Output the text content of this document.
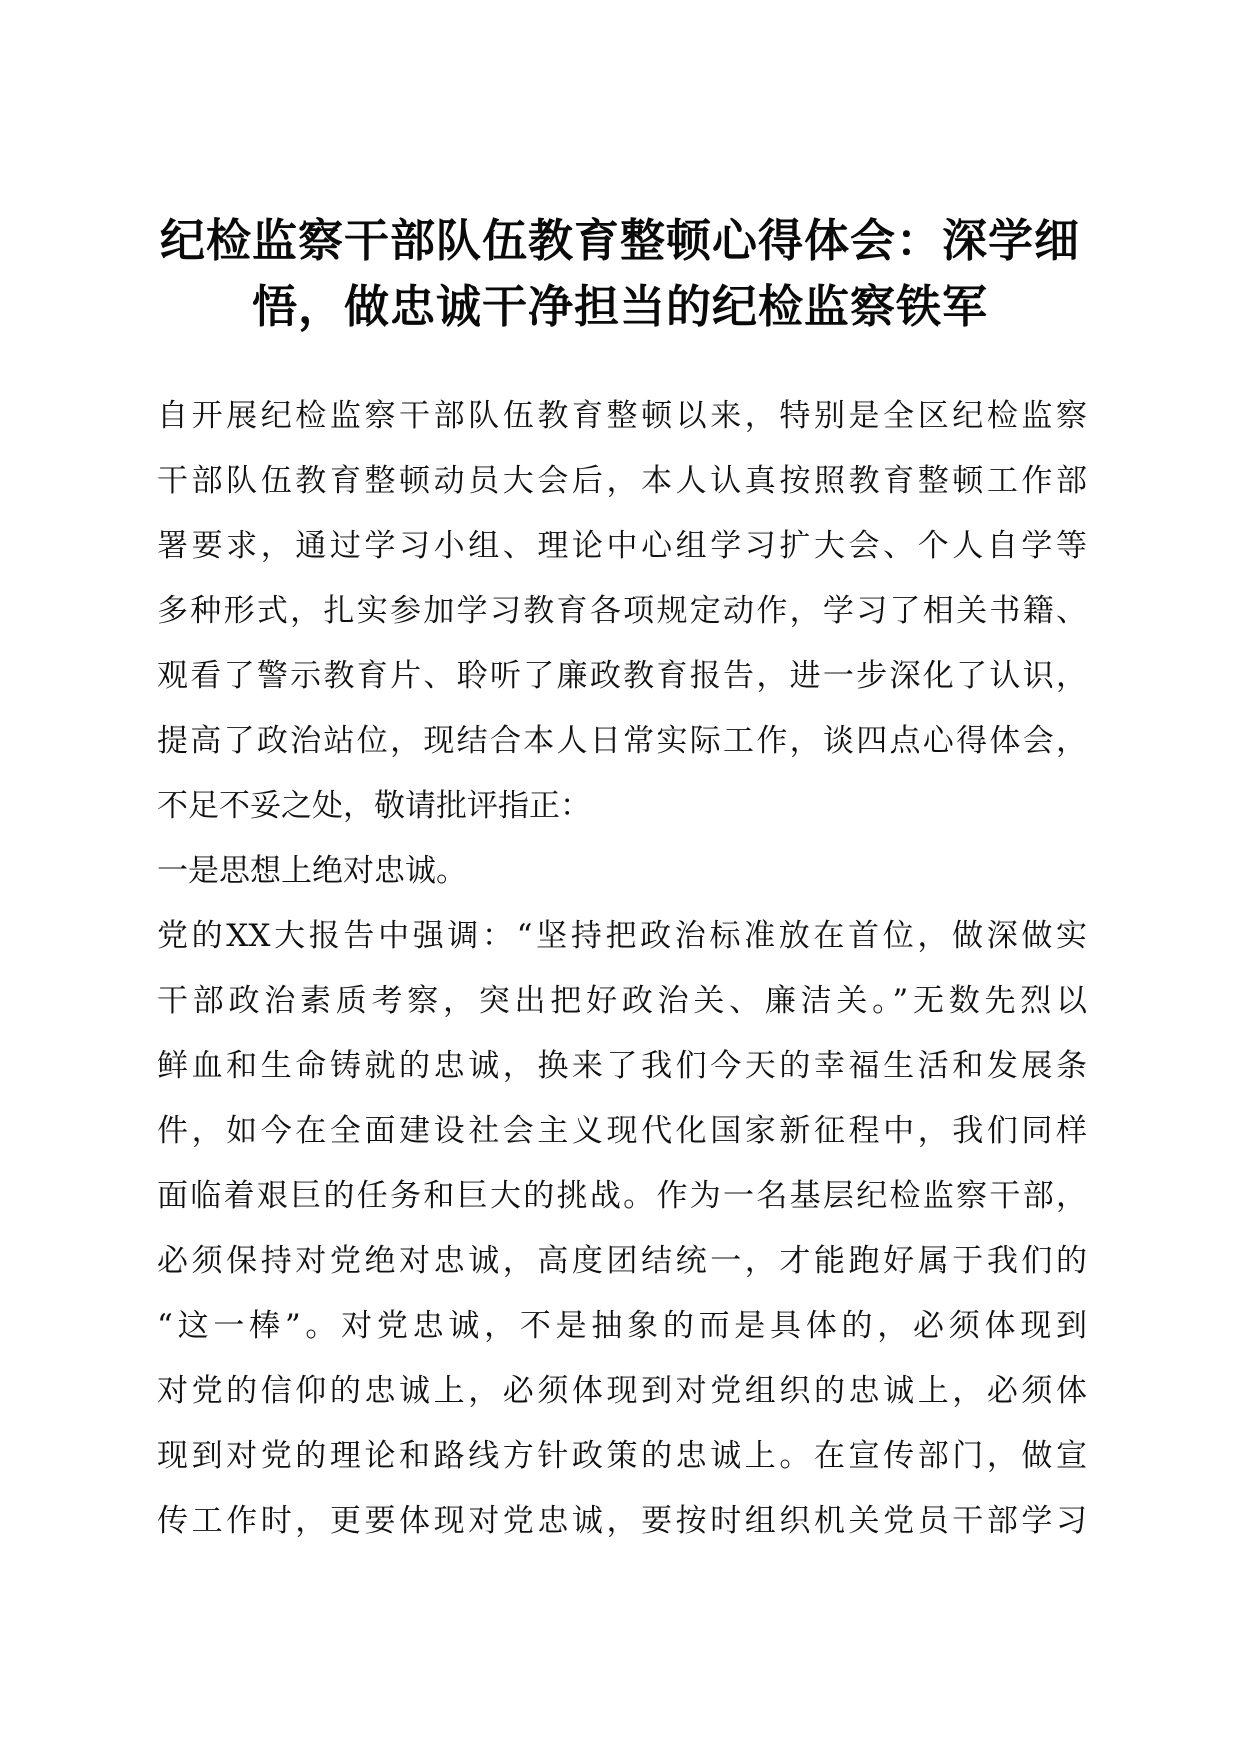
纪检监察干部队伍教育整顿心得体会：深学细
悟，做忠诚干净担当的纪检监察铁军
自开展纪检监察干部队伍教育整顿以来，特别是全区纪检监察
干部队伍教育整顿动员大会后，本人认真按照教育整顿工作部
署要求，通过学习小组、理论中心组学习扩大会、个人自学等
多种形式，扎实参加学习教育各项规定动作，学习了相关书籍、
观看了警示教育片、聆听了廉政教育报告，进一步深化了认识，
提高了政治站位，现结合本人日常实际工作，谈四点心得体会，
不足不妥之处，敬请批评指正：
一是思想上绝对忠诚。
党的XX大报告中强调：“坚持把政治标准放在首位，做深做实
干部政治素质考察，突出把好政治关、廉洁关。”无数先烈以
鲜血和生命铸就的忠诚，换来了我们今天的幸福生活和发展条
件，如今在全面建设社会主义现代化国家新征程中，我们同样
面临着艰巨的任务和巨大的挑战。作为一名基层纪检监察干部，
必须保持对党绝对忠诚，高度团结统一，才能跑好属于我们的
“这一棒”。对党忠诚，不是抽象的而是具体的，必须体现到
对党的信仰的忠诚上，必须体现到对党组织的忠诚上，必须体
现到对党的理论和路线方针政策的忠诚上。在宣传部门，做宣
传工作时，更要体现对党忠诚，要按时组织机关党员干部学习
